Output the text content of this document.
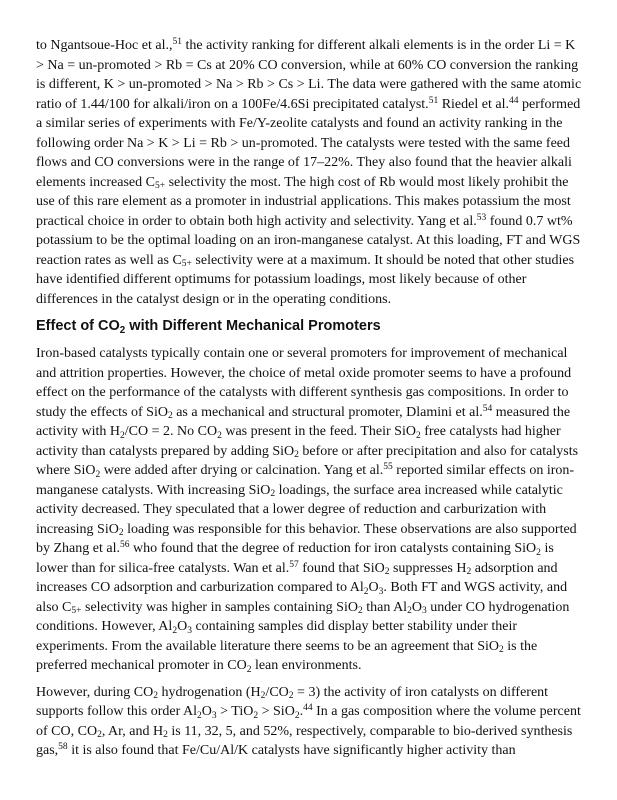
to Ngantsoue-Hoc et al.,$^{51}$ the activity ranking for different alkali elements is in the order Li = K > Na = un-promoted > Rb = Cs at 20% CO conversion, while at 60% CO conversion the ranking is different, K > un-promoted > Na > Rb > Cs > Li. The data were gathered with the same atomic ratio of 1.44/100 for alkali/iron on a 100Fe/4.6Si precipitated catalyst.$^{51}$ Riedel et al.$^{44}$ performed a similar series of experiments with Fe/Y-zeolite catalysts and found an activity ranking in the following order Na > K > Li = Rb > un-promoted. The catalysts were tested with the same feed flows and CO conversions were in the range of 17–22%. They also found that the heavier alkali elements increased $C_{5+}$ selectivity the most. The high cost of Rb would most likely prohibit the use of this rare element as a promoter in industrial applications. This makes potassium the most practical choice in order to obtain both high activity and selectivity. Yang et al.$^{53}$ found 0.7 wt% potassium to be the optimal loading on an iron-manganese catalyst. At this loading, FT and WGS reaction rates as well as $C_{5+}$ selectivity were at a maximum. It should be noted that other studies have identified different optimums for potassium loadings, most likely because of other differences in the catalyst design or in the operating conditions.

Effect of $CO_2$ with Different Mechanical Promoters

Iron-based catalysts typically contain one or several promoters for improvement of mechanical and attrition properties. However, the choice of metal oxide promoter seems to have a profound effect on the performance of the catalysts with different synthesis gas compositions. In order to study the effects of SiO$_2$ as a mechanical and structural promoter, Dlamini et al.$^{54}$ measured the activity with $H_2/CO = 2$. No $CO_2$ was present in the feed. Their SiO$_2$ free catalysts had higher activity than catalysts prepared by adding SiO$_2$ before or after precipitation and also for catalysts where SiO$_2$ were added after drying or calcination. Yang et al.$^{55}$ reported similar effects on iron-manganese catalysts. With increasing SiO$_2$ loadings, the surface area increased while catalytic activity decreased. They speculated that a lower degree of reduction and carburization with increasing SiO$_2$ loading was responsible for this behavior. These observations are also supported by Zhang et al.$^{56}$ who found that the degree of reduction for iron catalysts containing SiO$_2$ is lower than for silica-free catalysts. Wan et al.$^{57}$ found that SiO$_2$ suppresses $H_2$ adsorption and increases CO adsorption and carburization compared to $Al_2O_3$. Both FT and WGS activity, and also $C_{5+}$ selectivity was higher in samples containing SiO$_2$ than $Al_2O_3$ under CO hydrogenation conditions. However, $Al_2O_3$ containing samples did display better stability under their experiments. From the available literature there seems to be an agreement that SiO$_2$ is the preferred mechanical promoter in $CO_2$ lean environments.

However, during $CO_2$ hydrogenation $(H_2/CO_2 = 3)$ the activity of iron catalysts on different supports follow this order $Al_2O_3 > TiO_2 > SiO_2.^{44}$ In a gas composition where the volume percent of CO, $CO_2$, Ar, and $H_2$ is 11, 32, 5, and 52%, respectively, comparable to bio-derived synthesis gas,$^{58}$ it is also found that Fe/Cu/Al/K catalysts have significantly higher activity than
